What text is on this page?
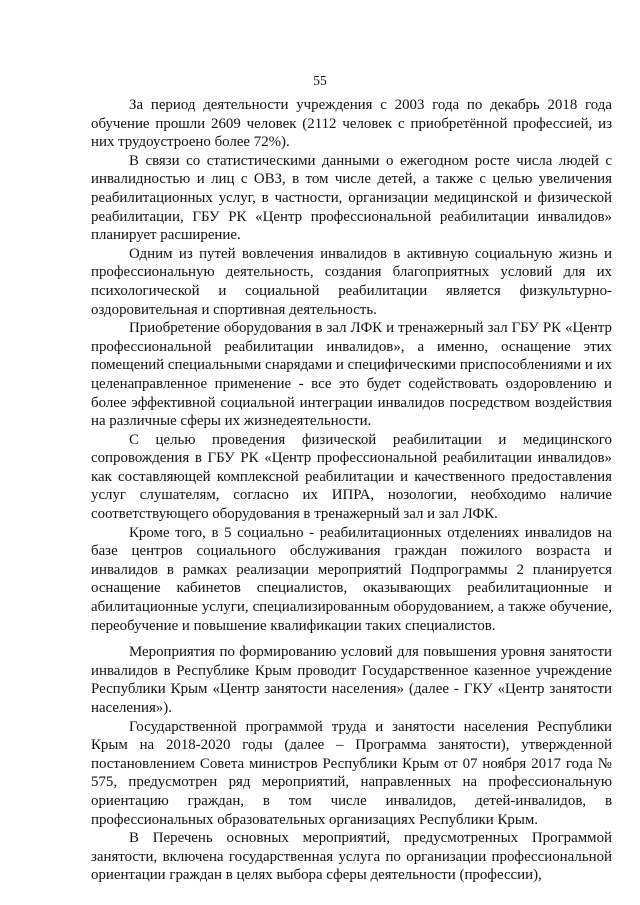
55

За период деятельности учреждения с 2003 года по декабрь 2018 года обучение прошли 2609 человек (2112 человек с приобретённой профессией, из них трудоустроено более 72%).

В связи со статистическими данными о ежегодном росте числа людей с инвалидностью и лиц с ОВЗ, в том числе детей, а также с целью увеличения реабилитационных услуг, в частности, организации медицинской и физической реабилитации, ГБУ РК «Центр профессиональной реабилитации инвалидов» планирует расширение.

Одним из путей вовлечения инвалидов в активную социальную жизнь и профессиональную деятельность, создания благоприятных условий для их психологической и социальной реабилитации является физкультурно-оздоровительная и спортивная деятельность.

Приобретение оборудования в зал ЛФК и тренажерный зал ГБУ РК «Центр профессиональной реабилитации инвалидов», а именно, оснащение этих помещений специальными снарядами и специфическими приспособлениями и их целенаправленное применение - все это будет содействовать оздоровлению и более эффективной социальной интеграции инвалидов посредством воздействия на различные сферы их жизнедеятельности.

С целью проведения физической реабилитации и медицинского сопровождения в ГБУ РК «Центр профессиональной реабилитации инвалидов» как составляющей комплексной реабилитации и качественного предоставления услуг слушателям, согласно их ИПРА, нозологии, необходимо наличие соответствующего оборудования в тренажерный зал и зал ЛФК.

Кроме того, в 5 социально - реабилитационных отделениях инвалидов на базе центров социального обслуживания граждан пожилого возраста и инвалидов в рамках реализации мероприятий Подпрограммы 2 планируется оснащение кабинетов специалистов, оказывающих реабилитационные и абилитационные услуги, специализированным оборудованием, а также обучение, переобучение и повышение квалификации таких специалистов.

Мероприятия по формированию условий для повышения уровня занятости инвалидов в Республике Крым проводит Государственное казенное учреждение Республики Крым «Центр занятости населения» (далее - ГКУ «Центр занятости населения»).

Государственной программой труда и занятости населения Республики Крым на 2018-2020 годы (далее – Программа занятости), утвержденной постановлением Совета министров Республики Крым от 07 ноября 2017 года № 575, предусмотрен ряд мероприятий, направленных на профессиональную ориентацию граждан, в том числе инвалидов, детей-инвалидов, в профессиональных образовательных организациях Республики Крым.

В Перечень основных мероприятий, предусмотренных Программой занятости, включена государственная услуга по организации профессиональной ориентации граждан в целях выбора сферы деятельности (профессии),
